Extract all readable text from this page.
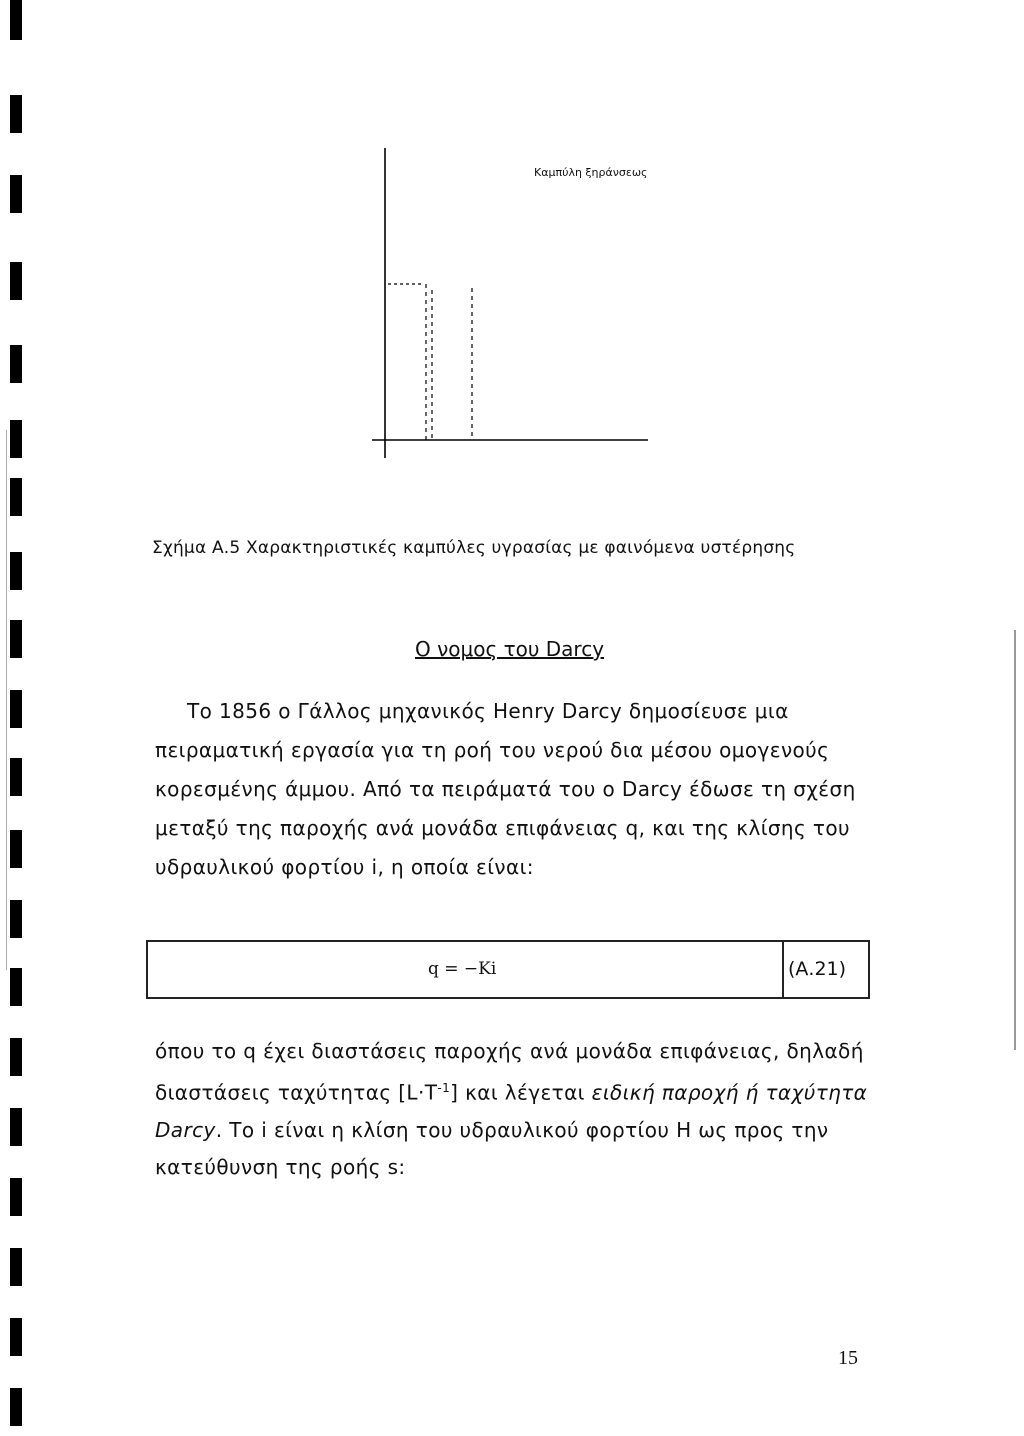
Καμπύλη ξηράνσεως
Σχήμα Α.5 Χαρακτηριστικές καμπύλες υγρασίας με φαινόμενα υστέρησης
Ο νομος του Darcy
Το 1856 ο Γάλλος μηχανικός Henry Darcy δημοσίευσε μια
πειραματική εργασία για τη ροή του νερού δια μέσου ομογενούς
κορεσμένης άμμου. Από τα πειράματά του ο Darcy έδωσε τη σχέση
μεταξύ της παροχής ανά μονάδα επιφάνειας q, και της κλίσης του
υδραυλικού φορτίου i, η οποία είναι:
q = −Ki	(Α.21)
όπου το q έχει διαστάσεις παροχής ανά μονάδα επιφάνειας, δηλαδή
διαστάσεις ταχύτητας $[L\cdot T^{-1}]$ και λέγεται ειδική παροχή ή ταχύτητα
Darcy. Το i είναι η κλίση του υδραυλικού φορτίου Η ως προς την
κατεύθυνση της ροής s:
15
